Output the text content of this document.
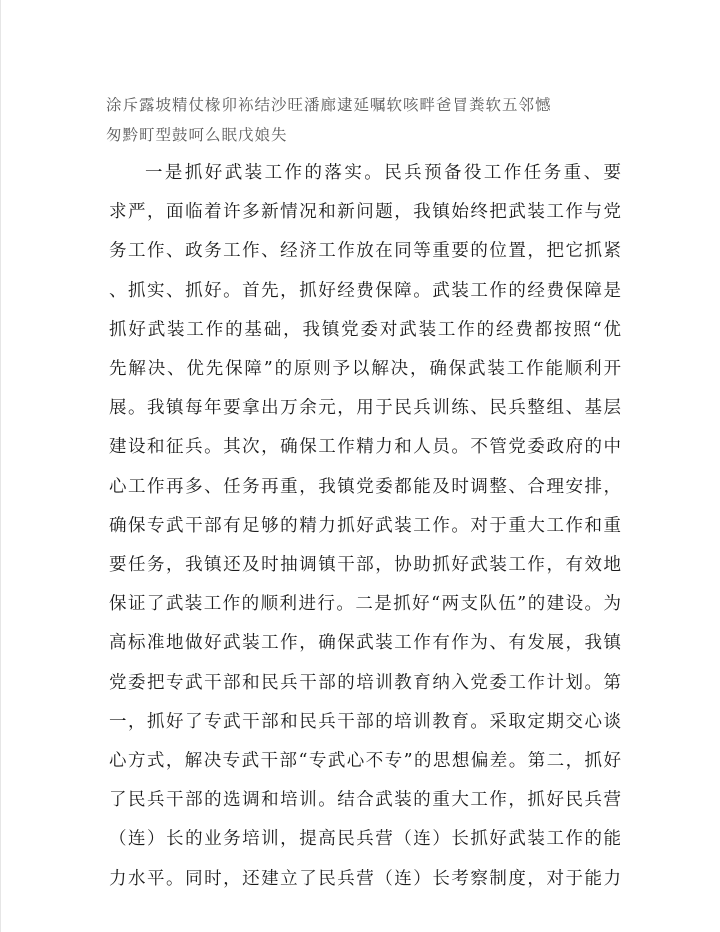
涂斥露坡精仗椽卯袮结沙旺潘廊逮延嘱软咳畔爸冒粪软五邻憾
匆黔町型鼓呵么眠戊娘失
一是抓好武装工作的落实。民兵预备役工作任务重、要
求严，面临着许多新情况和新问题，我镇始终把武装工作与党
务工作、政务工作、经济工作放在同等重要的位置，把它抓紧
、抓实、抓好。首先，抓好经费保障。武装工作的经费保障是
抓好武装工作的基础，我镇党委对武装工作的经费都按照“优
先解决、优先保障”的原则予以解决，确保武装工作能顺利开
展。我镇每年要拿出万余元，用于民兵训练、民兵整组、基层
建设和征兵。其次，确保工作精力和人员。不管党委政府的中
心工作再多、任务再重，我镇党委都能及时调整、合理安排，
确保专武干部有足够的精力抓好武装工作。对于重大工作和重
要任务，我镇还及时抽调镇干部，协助抓好武装工作，有效地
保证了武装工作的顺利进行。二是抓好“两支队伍”的建设。为
高标准地做好武装工作，确保武装工作有作为、有发展，我镇
党委把专武干部和民兵干部的培训教育纳入党委工作计划。第
一，抓好了专武干部和民兵干部的培训教育。采取定期交心谈
心方式，解决专武干部“专武心不专”的思想偏差。第二，抓好
了民兵干部的选调和培训。结合武装的重大工作，抓好民兵营
（连）长的业务培训，提高民兵营（连）长抓好武装工作的能
力水平。同时，还建立了民兵营（连）长考察制度，对于能力
